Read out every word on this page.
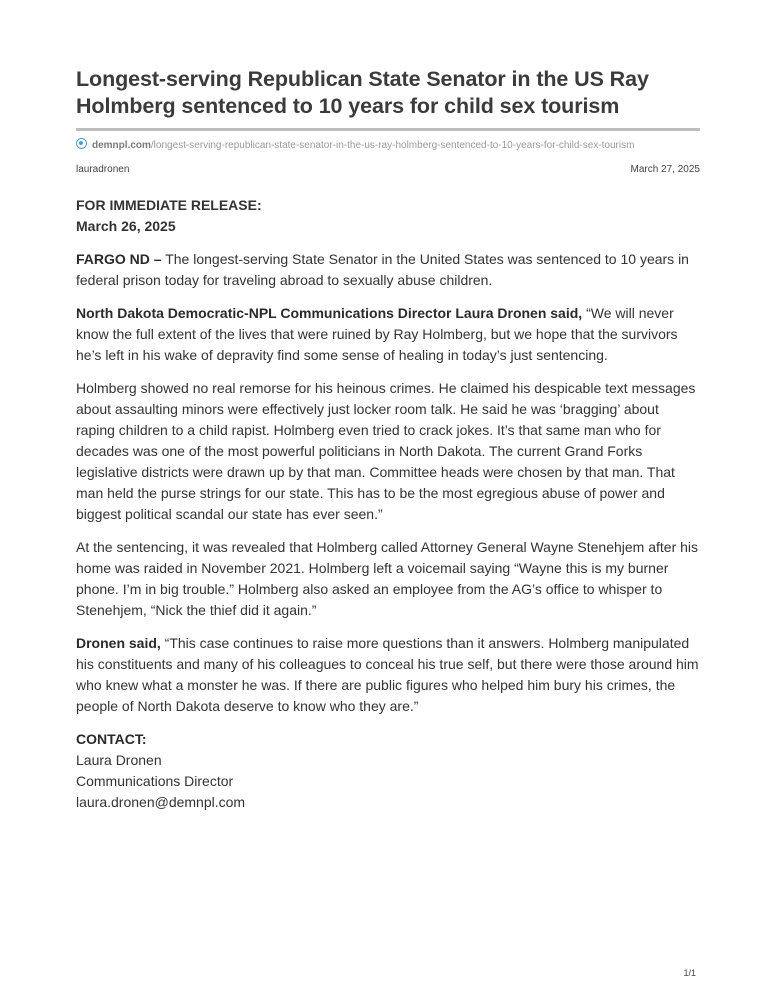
Longest-serving Republican State Senator in the US Ray Holmberg sentenced to 10 years for child sex tourism
demnpl.com/longest-serving-republican-state-senator-in-the-us-ray-holmberg-sentenced-to-10-years-for-child-sex-tourism
lauradronen	March 27, 2025
FOR IMMEDIATE RELEASE:
March 26, 2025

FARGO ND – The longest-serving State Senator in the United States was sentenced to 10 years in federal prison today for traveling abroad to sexually abuse children.

North Dakota Democratic-NPL Communications Director Laura Dronen said, “We will never know the full extent of the lives that were ruined by Ray Holmberg, but we hope that the survivors he’s left in his wake of depravity find some sense of healing in today’s just sentencing.

Holmberg showed no real remorse for his heinous crimes. He claimed his despicable text messages about assaulting minors were effectively just locker room talk. He said he was ‘bragging’ about raping children to a child rapist. Holmberg even tried to crack jokes. It’s that same man who for decades was one of the most powerful politicians in North Dakota. The current Grand Forks legislative districts were drawn up by that man. Committee heads were chosen by that man. That man held the purse strings for our state. This has to be the most egregious abuse of power and biggest political scandal our state has ever seen.”

At the sentencing, it was revealed that Holmberg called Attorney General Wayne Stenehjem after his home was raided in November 2021. Holmberg left a voicemail saying “Wayne this is my burner phone. I’m in big trouble.” Holmberg also asked an employee from the AG’s office to whisper to Stenehjem, “Nick the thief did it again.”

Dronen said, “This case continues to raise more questions than it answers. Holmberg manipulated his constituents and many of his colleagues to conceal his true self, but there were those around him who knew what a monster he was. If there are public figures who helped him bury his crimes, the people of North Dakota deserve to know who they are.”

CONTACT:
Laura Dronen
Communications Director
laura.dronen@demnpl.com
1/1
